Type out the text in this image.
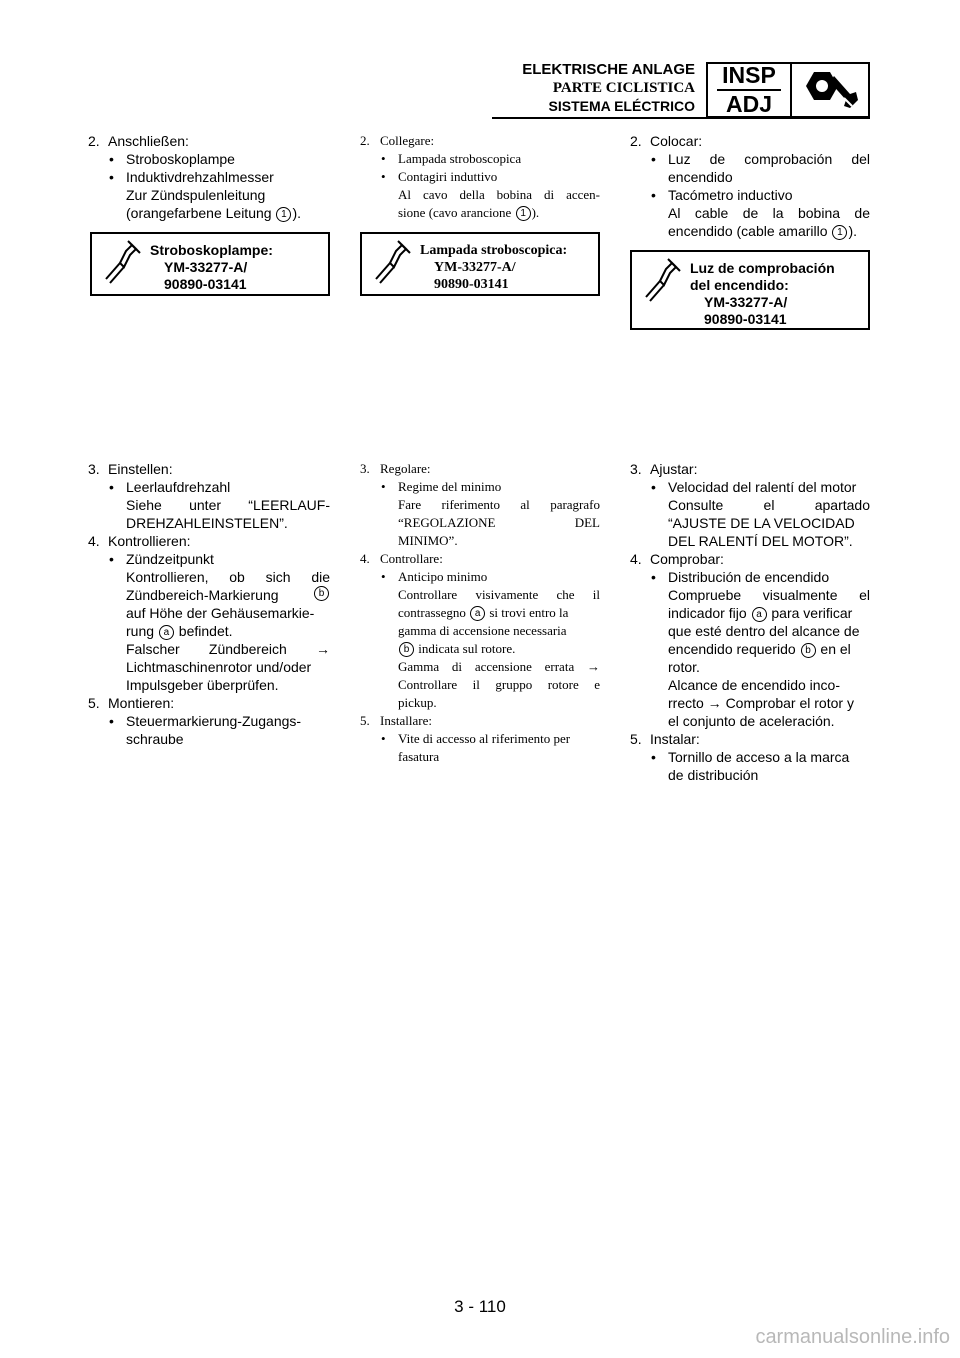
ELEKTRISCHE ANLAGE
PARTE CICLISTICA
SISTEMA ELÉCTRICO
INSP
ADJ
2. Anschließen:
• Stroboskoplampe
• Induktivdrehzahlmesser
Zur Zündspulenleitung
(orangefarbene Leitung 1 ).
Stroboskoplampe:
YM-33277-A/
90890-03141
3. Einstellen:
• Leerlaufdrehzahl
Siehe unter “LEERLAUF-
DREHZAHLEINSTELEN”.
4. Kontrollieren:
• Zündzeitpunkt
Kontrollieren, ob sich die
Zündbereich-Markierung	b
auf Höhe der Gehäusemarkie-
rung a befindet.
Falscher Zündbereich →
Lichtmaschinenrotor und/oder
Impulsgeber überprüfen.
5. Montieren:
• Steuermarkierung-Zugangs-
schraube
2. Collegare:
• Lampada stroboscopica
• Contagiri induttivo
Al cavo della bobina di accen-
sione (cavo arancione 1 ).
Lampada stroboscopica:
YM-33277-A/
90890-03141
3. Regolare:
• Regime del minimo
Fare riferimento al paragrafo
“REGOLAZIONE DEL
MINIMO”.
4. Controllare:
• Anticipo minimo
Controllare visivamente che il
contrassegno a si trovi entro la
gamma di accensione necessaria
b indicata sul rotore.
Gamma di accensione errata →
Controllare il gruppo rotore e
pickup.
5. Installare:
• Vite di accesso al riferimento per
fasatura
2. Colocar:
• Luz de comprobación del
encendido
• Tacómetro inductivo
Al cable de la bobina de
encendido (cable amarillo 1 ).
Luz de comprobación
del encendido:
YM-33277-A/
90890-03141
3. Ajustar:
• Velocidad del ralentí del motor
Consulte el apartado
“AJUSTE DE LA VELOCIDAD
DEL RALENTÍ DEL MOTOR”.
4. Comprobar:
• Distribución de encendido
Compruebe visualmente el
indicador fijo a para verificar
que esté dentro del alcance de
encendido requerido b en el
rotor.
Alcance de encendido inco-
rrecto → Comprobar el rotor y
el conjunto de aceleración.
5. Instalar:
• Tornillo de acceso a la marca
de distribución
3 - 110
carmanualsonline.info
